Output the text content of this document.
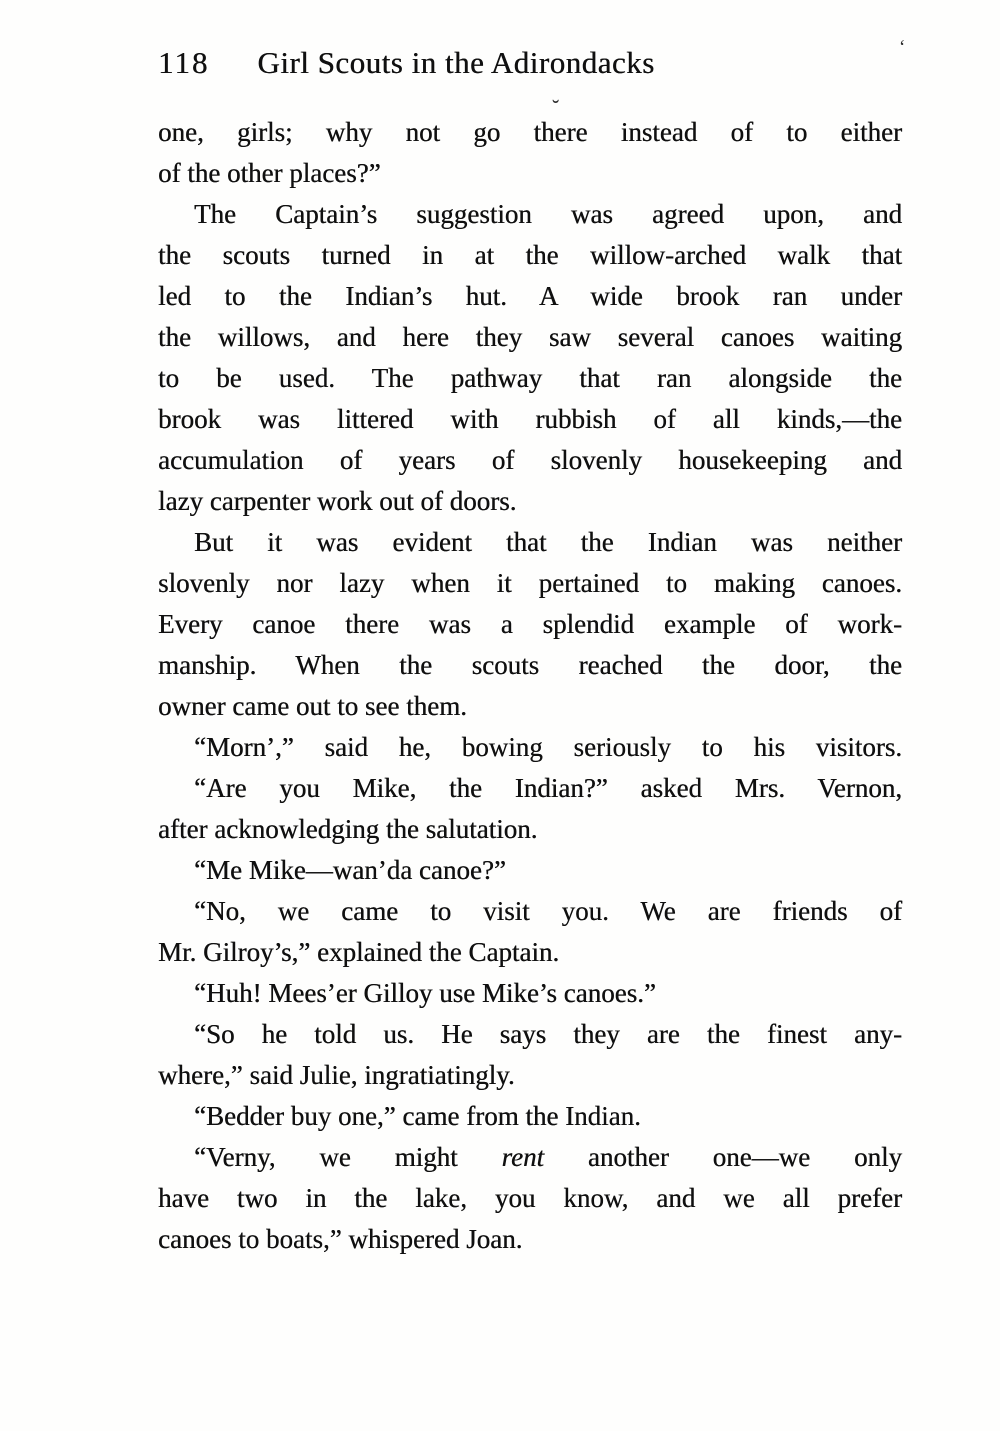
118 Girl Scouts in the Adirondacks	‘
˘
one, girls; why not go there instead of to either
of the other places?”
The Captain’s suggestion was agreed upon, and
the scouts turned in at the willow-arched walk that
led to the Indian’s hut. A wide brook ran under
the willows, and here they saw several canoes waiting
to be used. The pathway that ran alongside the
brook was littered with rubbish of all kinds,—the
accumulation of years of slovenly housekeeping and
lazy carpenter work out of doors.
But it was evident that the Indian was neither
slovenly nor lazy when it pertained to making canoes.
Every canoe there was a splendid example of work-
manship. When the scouts reached the door, the
owner came out to see them.
“Morn’,” said he, bowing seriously to his visitors.
“Are you Mike, the Indian?” asked Mrs. Vernon,
after acknowledging the salutation.
“Me Mike—wan’da canoe?”
“No, we came to visit you. We are friends of
Mr. Gilroy’s,” explained the Captain.
“Huh! Mees’er Gilloy use Mike’s canoes.”
“So he told us. He says they are the finest any-
where,” said Julie, ingratiatingly.
“Bedder buy one,” came from the Indian.
“Verny, we might rent another one—we only
have two in the lake, you know, and we all prefer
canoes to boats,” whispered Joan.
